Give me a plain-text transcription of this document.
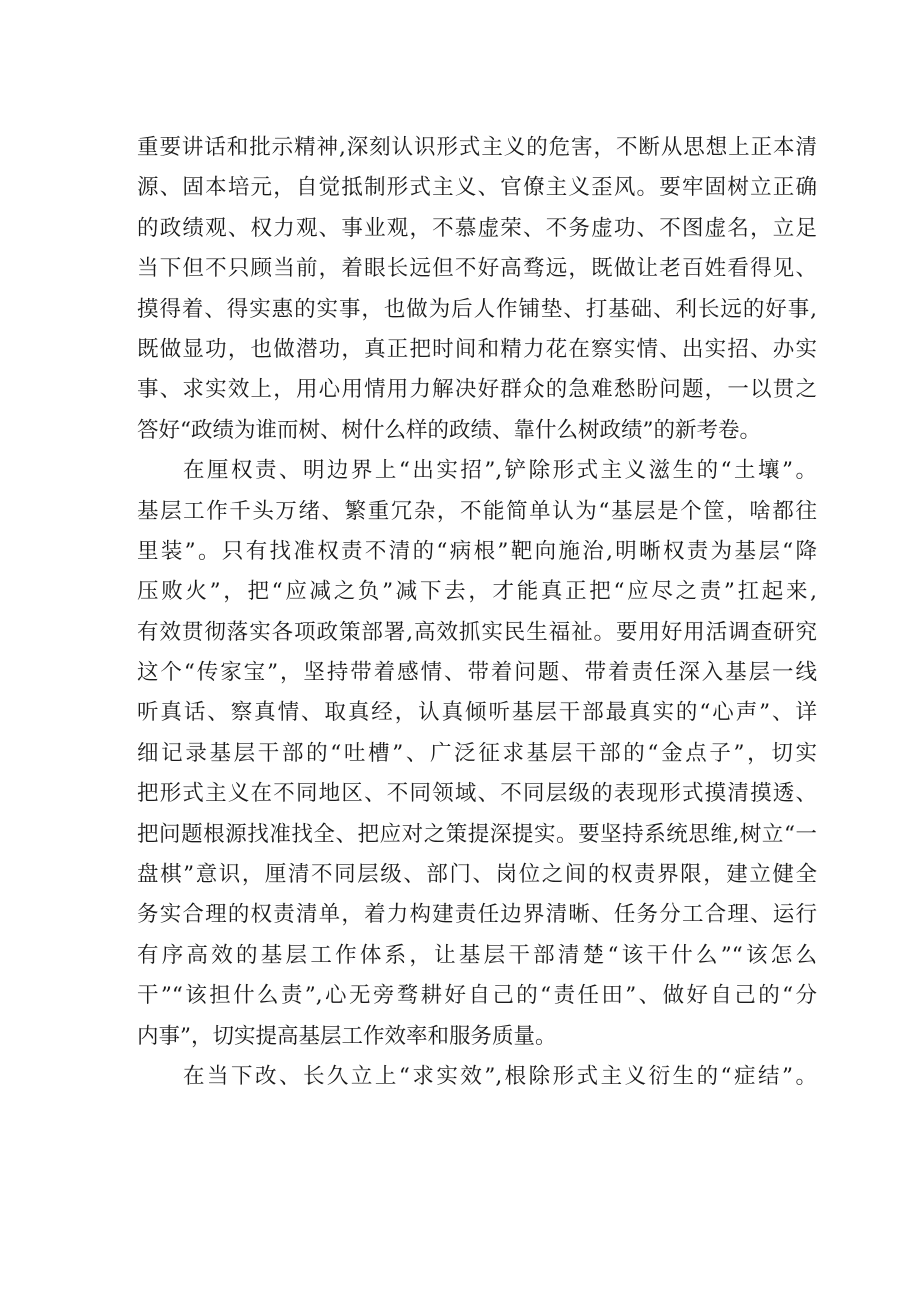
重要讲话和批示精神,深刻认识形式主义的危害，不断从思想上正本清
源、固本培元，自觉抵制形式主义、官僚主义歪风。要牢固树立正确
的政绩观、权力观、事业观，不慕虚荣、不务虚功、不图虚名，立足
当下但不只顾当前，着眼长远但不好高骛远，既做让老百姓看得见、
摸得着、得实惠的实事，也做为后人作铺垫、打基础、利长远的好事,
既做显功，也做潜功，真正把时间和精力花在察实情、出实招、办实
事、求实效上，用心用情用力解决好群众的急难愁盼问题，一以贯之
答好“政绩为谁而树、树什么样的政绩、靠什么树政绩”的新考卷。
在厘权责、明边界上“出实招”,铲除形式主义滋生的“土壤”。
基层工作千头万绪、繁重冗杂，不能简单认为“基层是个筐，啥都往
里装”。只有找准权责不清的“病根”靶向施治,明晰权责为基层“降
压败火”，把“应减之负”减下去，才能真正把“应尽之责”扛起来,
有效贯彻落实各项政策部署,高效抓实民生福祉。要用好用活调查研究
这个“传家宝”，坚持带着感情、带着问题、带着责任深入基层一线
听真话、察真情、取真经，认真倾听基层干部最真实的“心声”、详
细记录基层干部的“吐槽”、广泛征求基层干部的“金点子”，切实
把形式主义在不同地区、不同领域、不同层级的表现形式摸清摸透、
把问题根源找准找全、把应对之策提深提实。要坚持系统思维,树立“一
盘棋”意识，厘清不同层级、部门、岗位之间的权责界限，建立健全
务实合理的权责清单，着力构建责任边界清晰、任务分工合理、运行
有序高效的基层工作体系，让基层干部清楚“该干什么”“该怎么
干”“该担什么责”,心无旁骛耕好自己的“责任田”、做好自己的“分
内事”，切实提高基层工作效率和服务质量。
在当下改、长久立上“求实效”,根除形式主义衍生的“症结”。
